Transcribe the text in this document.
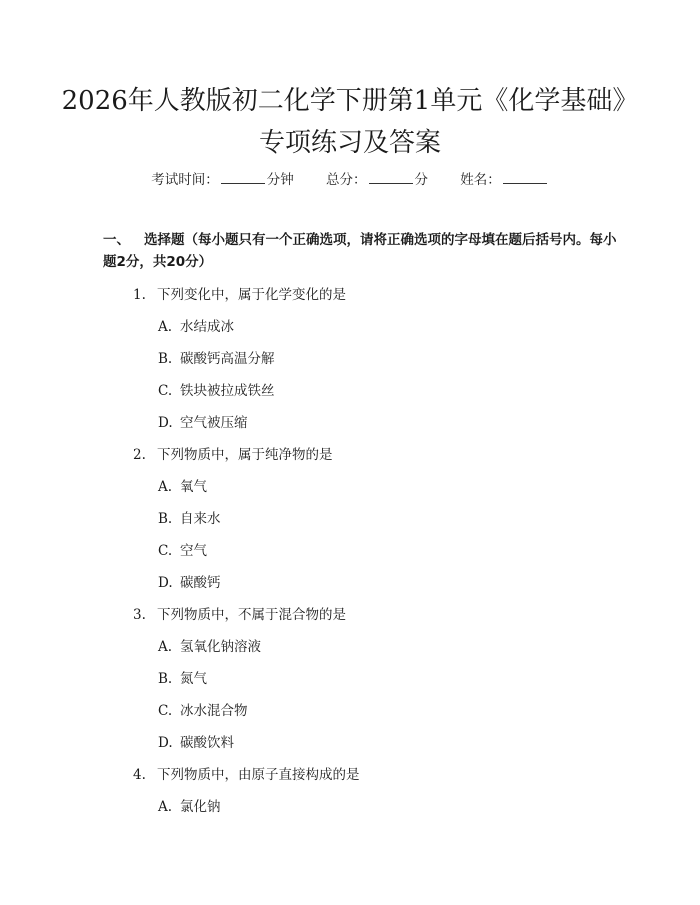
2026年人教版初二化学下册第1单元《化学基础》专项练习及答案
考试时间：	分钟 总分：	分 姓名：
一、 选择题（每小题只有一个正确选项，请将正确选项的字母填在题后括号内。每小题2分，共20分）
1. 下列变化中，属于化学变化的是
A. 水结成冰
B. 碳酸钙高温分解
C. 铁块被拉成铁丝
D. 空气被压缩
2. 下列物质中，属于纯净物的是
A. 氧气
B. 自来水
C. 空气
D. 碳酸钙
3. 下列物质中，不属于混合物的是
A. 氢氧化钠溶液
B. 氮气
C. 冰水混合物
D. 碳酸饮料
4. 下列物质中，由原子直接构成的是
A. 氯化钠
